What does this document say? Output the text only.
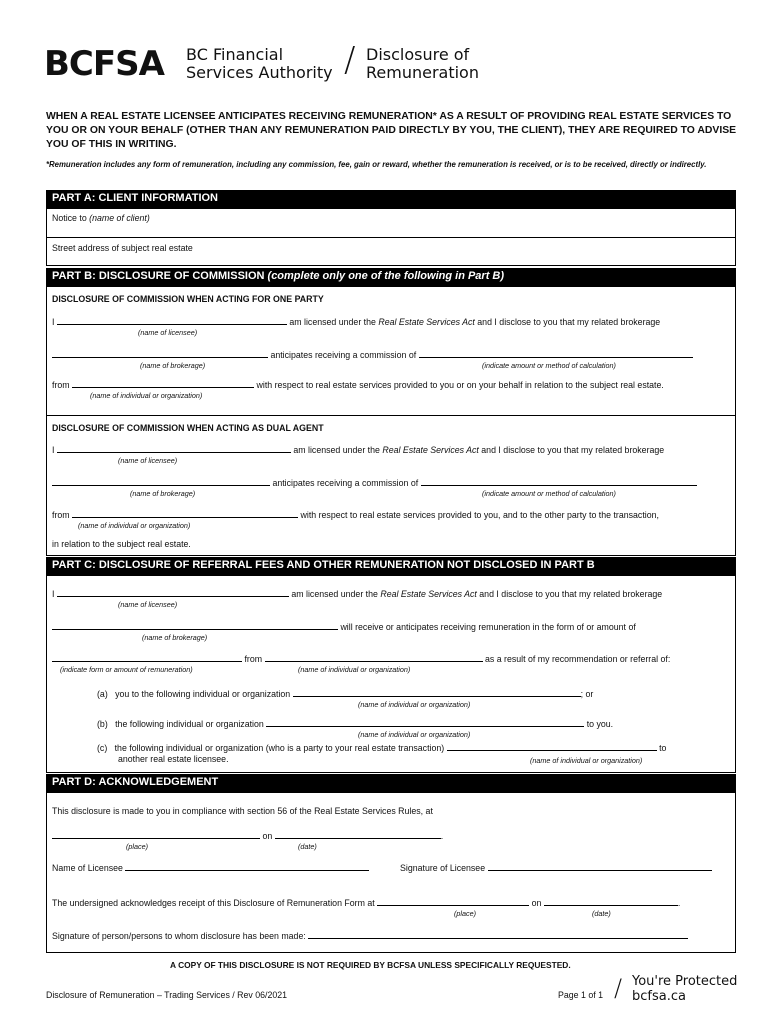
BCFSA BC Financial
Services Authority / Disclosure of
Remuneration
WHEN A REAL ESTATE LICENSEE ANTICIPATES RECEIVING REMUNERATION* AS A RESULT OF PROVIDING REAL ESTATE SERVICES TO YOU OR ON YOUR BEHALF (OTHER THAN ANY REMUNERATION PAID DIRECTLY BY YOU, THE CLIENT), THEY ARE REQUIRED TO ADVISE YOU OF THIS IN WRITING.
*Remuneration includes any form of remuneration, including any commission, fee, gain or reward, whether the remuneration is received, or is to be received, directly or indirectly.
PART A: CLIENT INFORMATION
Notice to (name of client)
Street address of subject real estate
PART B: DISCLOSURE OF COMMISSION (complete only one of the following in Part B)
DISCLOSURE OF COMMISSION WHEN ACTING FOR ONE PARTY
I	am licensed under the Real Estate Services Act and I disclose to you that my related brokerage
(name of licensee)
anticipates receiving a commission of
(name of brokerage)	(indicate amount or method of calculation)
from	with respect to real estate services provided to you or on your behalf in relation to the subject real estate.
(name of individual or organization)
DISCLOSURE OF COMMISSION WHEN ACTING AS DUAL AGENT
I	am licensed under the Real Estate Services Act and I disclose to you that my related brokerage
(name of licensee)
anticipates receiving a commission of
(name of brokerage)	(indicate amount or method of calculation)
from	with respect to real estate services provided to you, and to the other party to the transaction,
(name of individual or organization)
in relation to the subject real estate.
PART C: DISCLOSURE OF REFERRAL FEES AND OTHER REMUNERATION NOT DISCLOSED IN PART B
I	am licensed under the Real Estate Services Act and I disclose to you that my related brokerage
(name of licensee)
will receive or anticipates receiving remuneration in the form of or amount of
(name of brokerage)
from	as a result of my recommendation or referral of:
(indicate form or amount of remuneration)	(name of individual or organization)
(a) you to the following individual or organization	; or
(name of individual or organization)
(b) the following individual or organization	to you.
(name of individual or organization)
(c) the following individual or organization (who is a party to your real estate transaction)	to
another real estate licensee.	(name of individual or organization)
PART D: ACKNOWLEDGEMENT
This disclosure is made to you in compliance with section 56 of the Real Estate Services Rules, at
on	.
(place)	(date)
Name of Licensee	Signature of Licensee
The undersigned acknowledges receipt of this Disclosure of Remuneration Form at	on	.
(place)	(date)
Signature of person/persons to whom disclosure has been made:
A COPY OF THIS DISCLOSURE IS NOT REQUIRED BY BCFSA UNLESS SPECIFICALLY REQUESTED.
Disclosure of Remuneration – Trading Services / Rev 06/2021	Page 1 of 1 / You're Protected
bcfsa.ca
